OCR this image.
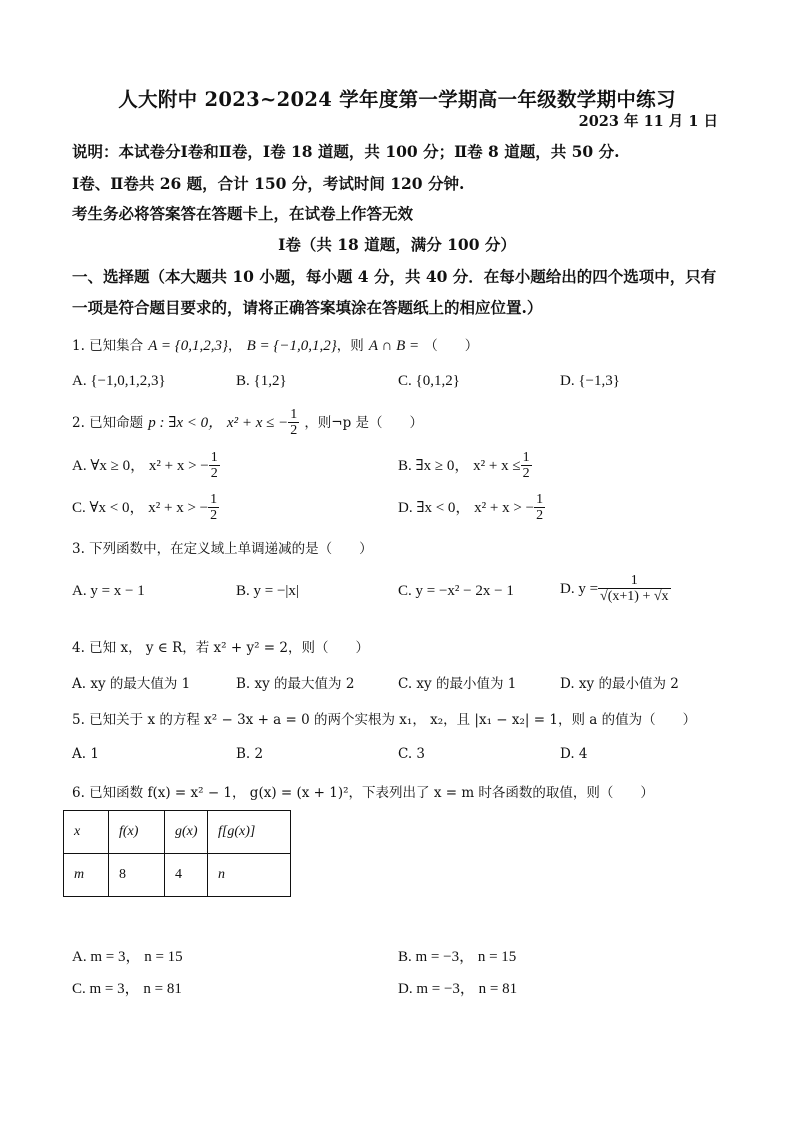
人大附中 2023~2024 学年度第一学期高一年级数学期中练习
2023 年 11 月 1 日
说明：本试卷分Ⅰ卷和Ⅱ卷，Ⅰ卷 18 道题，共 100 分；Ⅱ卷 8 道题，共 50 分.
Ⅰ卷、Ⅱ卷共 26 题，合计 150 分，考试时间 120 分钟.
考生务必将答案答在答题卡上，在试卷上作答无效
Ⅰ卷（共 18 道题，满分 100 分）
一、选择题（本大题共 10 小题，每小题 4 分，共 40 分．在每小题给出的四个选项中，只有
一项是符合题目要求的，请将正确答案填涂在答题纸上的相应位置.）
1. 已知集合 A = {0,1,2,3}， B = {−1,0,1,2}，则 A ∩ B = （　　）
A. {−1,0,1,2,3}	B. {1,2}	C. {0,1,2}	D. {−1,3}
2. 已知命题 p : ∃x < 0， x² + x ≤ − $\frac{1}{2}$ ，则¬p 是（　　）
A. ∀x ≥ 0， x² + x > − $\frac{1}{2}$	B. ∃x ≥ 0， $x^2 + x \le \frac{1}{2}$
C. ∀x < 0， x² + x > − $\frac{1}{2}$	D. ∃x < 0， x² + x > − $\frac{1}{2}$
3. 下列函数中，在定义域上单调递减的是（　　）
A. y = x − 1	B. y = −|x|	C. y = −x² − 2x − 1	D. $y = \frac{1}{√(x+1) + √x}$
4. 已知 x， y ∈ R，若 x² + y² = 2，则（　　）
A. xy 的最大值为 1	B. xy 的最大值为 2	C. xy 的最小值为 1	D. xy 的最小值为 2
5. 已知关于 x 的方程 x² − 3x + a = 0 的两个实根为 x₁， x₂，且 |x₁ − x₂| = 1，则 a 的值为（　　）
A. 1	B. 2	C. 3	D. 4
6. 已知函数 f(x) = x² − 1， g(x) = (x + 1)²，下表列出了 x = m 时各函数的取值，则（　　）
x	f(x)	g(x)	f[g(x)]
m	8	4	n
A. m = 3， n = 15	B. m = −3， n = 15
C. m = 3， n = 81	D. m = −3， n = 81
